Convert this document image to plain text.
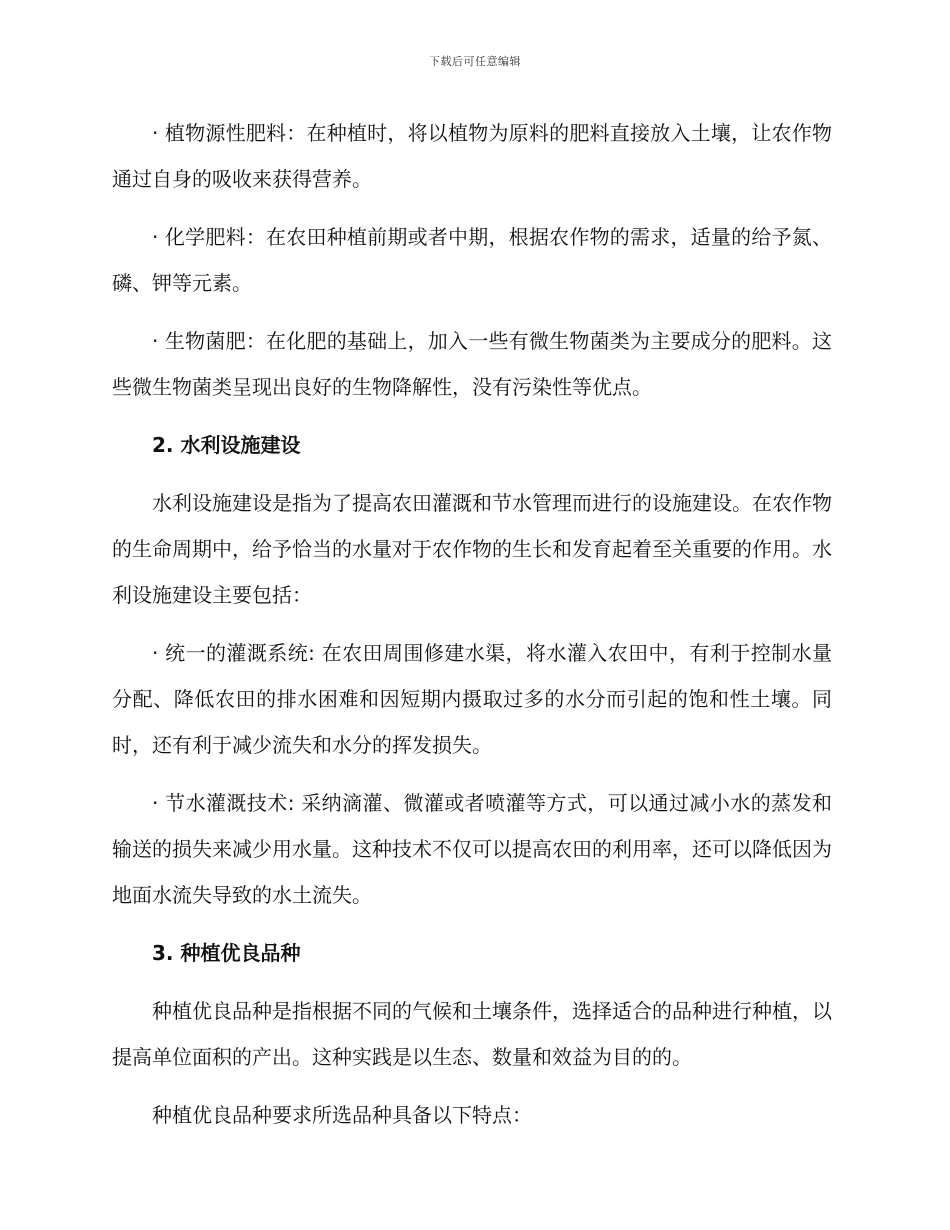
下载后可任意编辑

· 植物源性肥料：在种植时，将以植物为原料的肥料直接放入土壤，让农作物通过自身的吸收来获得营养。

· 化学肥料：在农田种植前期或者中期，根据农作物的需求，适量的给予氮、磷、钾等元素。

· 生物菌肥：在化肥的基础上，加入一些有微生物菌类为主要成分的肥料。这些微生物菌类呈现出良好的生物降解性，没有污染性等优点。

2. 水利设施建设

水利设施建设是指为了提高农田灌溉和节水管理而进行的设施建设。在农作物的生命周期中，给予恰当的水量对于农作物的生长和发育起着至关重要的作用。水利设施建设主要包括：

· 统一的灌溉系统: 在农田周围修建水渠，将水灌入农田中，有利于控制水量分配、降低农田的排水困难和因短期内摄取过多的水分而引起的饱和性土壤。同时，还有利于减少流失和水分的挥发损失。

· 节水灌溉技术: 采纳滴灌、微灌或者喷灌等方式，可以通过减小水的蒸发和输送的损失来减少用水量。这种技术不仅可以提高农田的利用率，还可以降低因为地面水流失导致的水土流失。

3. 种植优良品种

种植优良品种是指根据不同的气候和土壤条件，选择适合的品种进行种植，以提高单位面积的产出。这种实践是以生态、数量和效益为目的的。

种植优良品种要求所选品种具备以下特点：
